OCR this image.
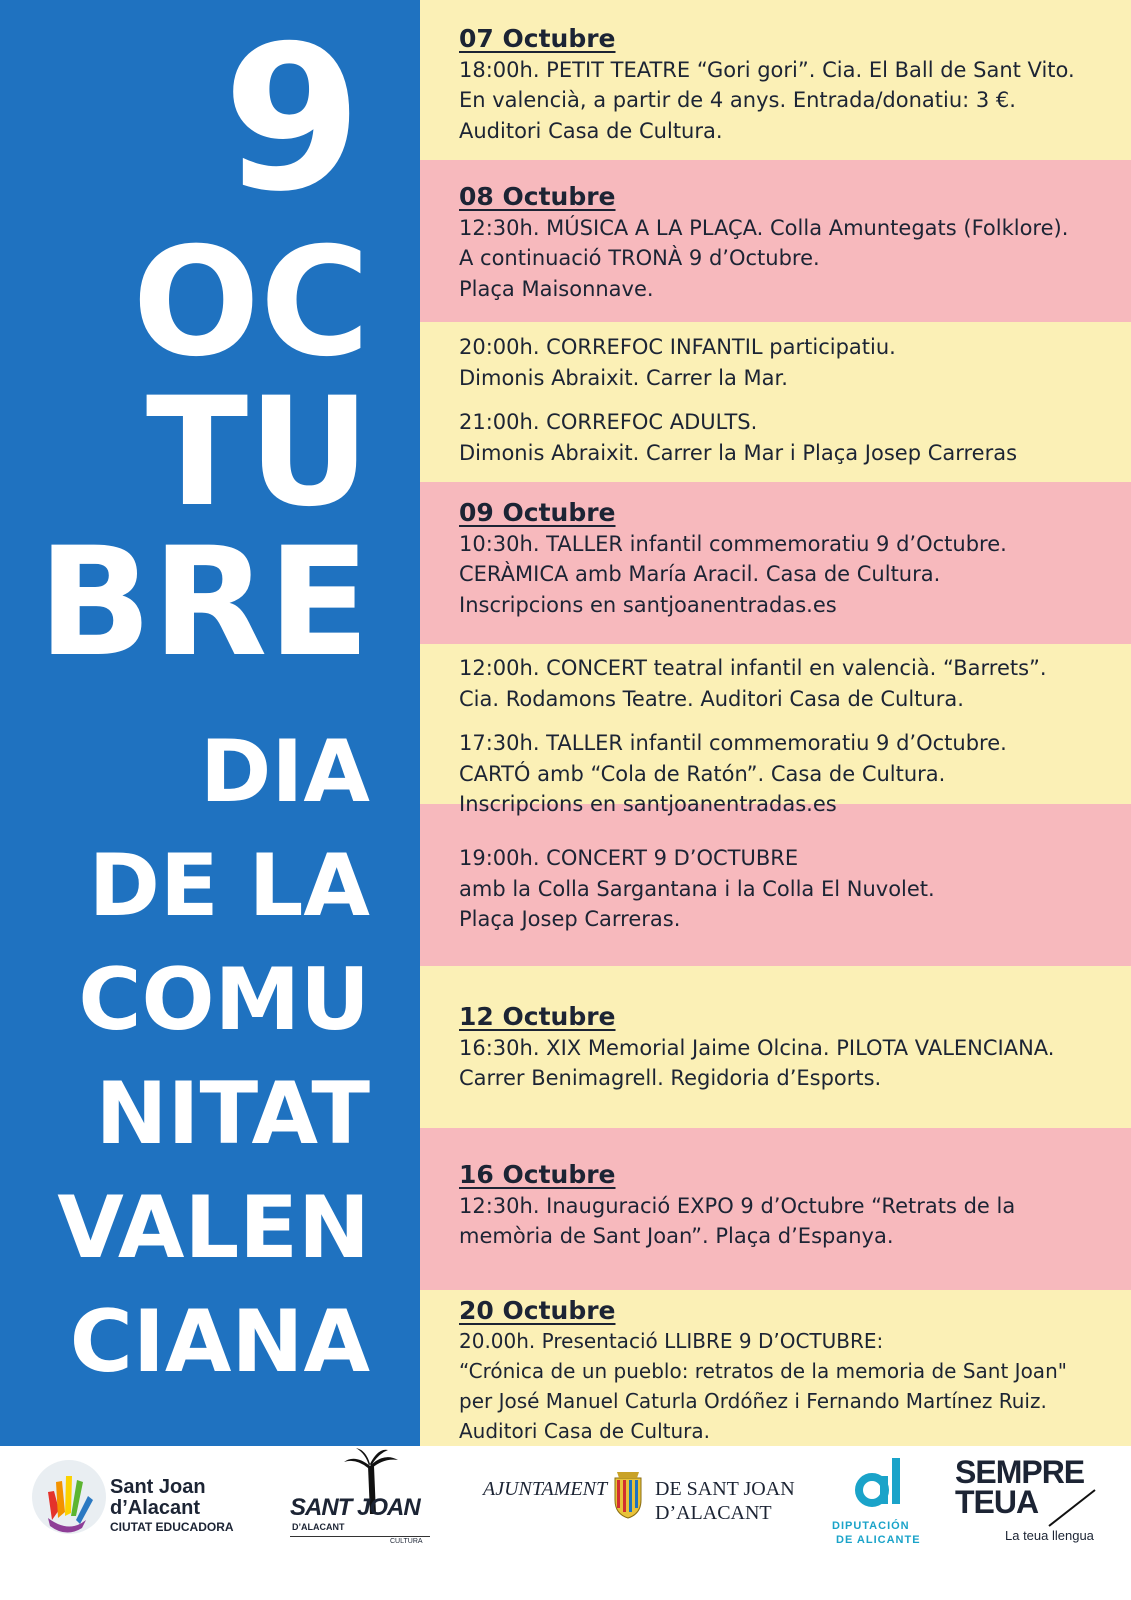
9
OC
TU
BRE
DIA
DE LA
COMU
NITAT
VALEN
CIANA
07 Octubre
18:00h. PETIT TEATRE “Gori gori”. Cia. El Ball de Sant Vito.
En valencià, a partir de 4 anys. Entrada/donatiu: 3 €.
Auditori Casa de Cultura.
08 Octubre
12:30h. MÚSICA A LA PLAÇA. Colla Amuntegats (Folklore).
A continuació TRONÀ 9 d’Octubre.
Plaça Maisonnave.
20:00h. CORREFOC INFANTIL participatiu.
Dimonis Abraixit. Carrer la Mar.
21:00h. CORREFOC ADULTS.
Dimonis Abraixit. Carrer la Mar i Plaça Josep Carreras
09 Octubre
10:30h. TALLER infantil commemoratiu 9 d’Octubre.
CERÀMICA amb María Aracil. Casa de Cultura.
Inscripcions en santjoanentradas.es
12:00h. CONCERT teatral infantil en valencià. “Barrets”.
Cia. Rodamons Teatre. Auditori Casa de Cultura.
17:30h. TALLER infantil commemoratiu 9 d’Octubre.
CARTÓ amb “Cola de Ratón”. Casa de Cultura.
Inscripcions en santjoanentradas.es
19:00h. CONCERT 9 D’OCTUBRE
amb la Colla Sargantana i la Colla El Nuvolet.
Plaça Josep Carreras.
12 Octubre
16:30h. XIX Memorial Jaime Olcina. PILOTA VALENCIANA.
Carrer Benimagrell. Regidoria d’Esports.
16 Octubre
12:30h. Inauguració EXPO 9 d’Octubre “Retrats de la
memòria de Sant Joan”. Plaça d’Espanya.
20 Octubre
20.00h. Presentació LLIBRE 9 D’OCTUBRE:
“Crónica de un pueblo: retratos de la memoria de Sant Joan"
per José Manuel Caturla Ordóñez i Fernando Martínez Ruiz.
Auditori Casa de Cultura.
Sant Joan
d’Alacant
CIUTAT EDUCADORA
SANT JOAN
D’ALACANT
CULTURA
AJUNTAMENT DE SANT JOAN
D’ALACANT
DIPUTACIÓN
DE ALICANTE
SEMPRE
TEUA
La teua llengua
